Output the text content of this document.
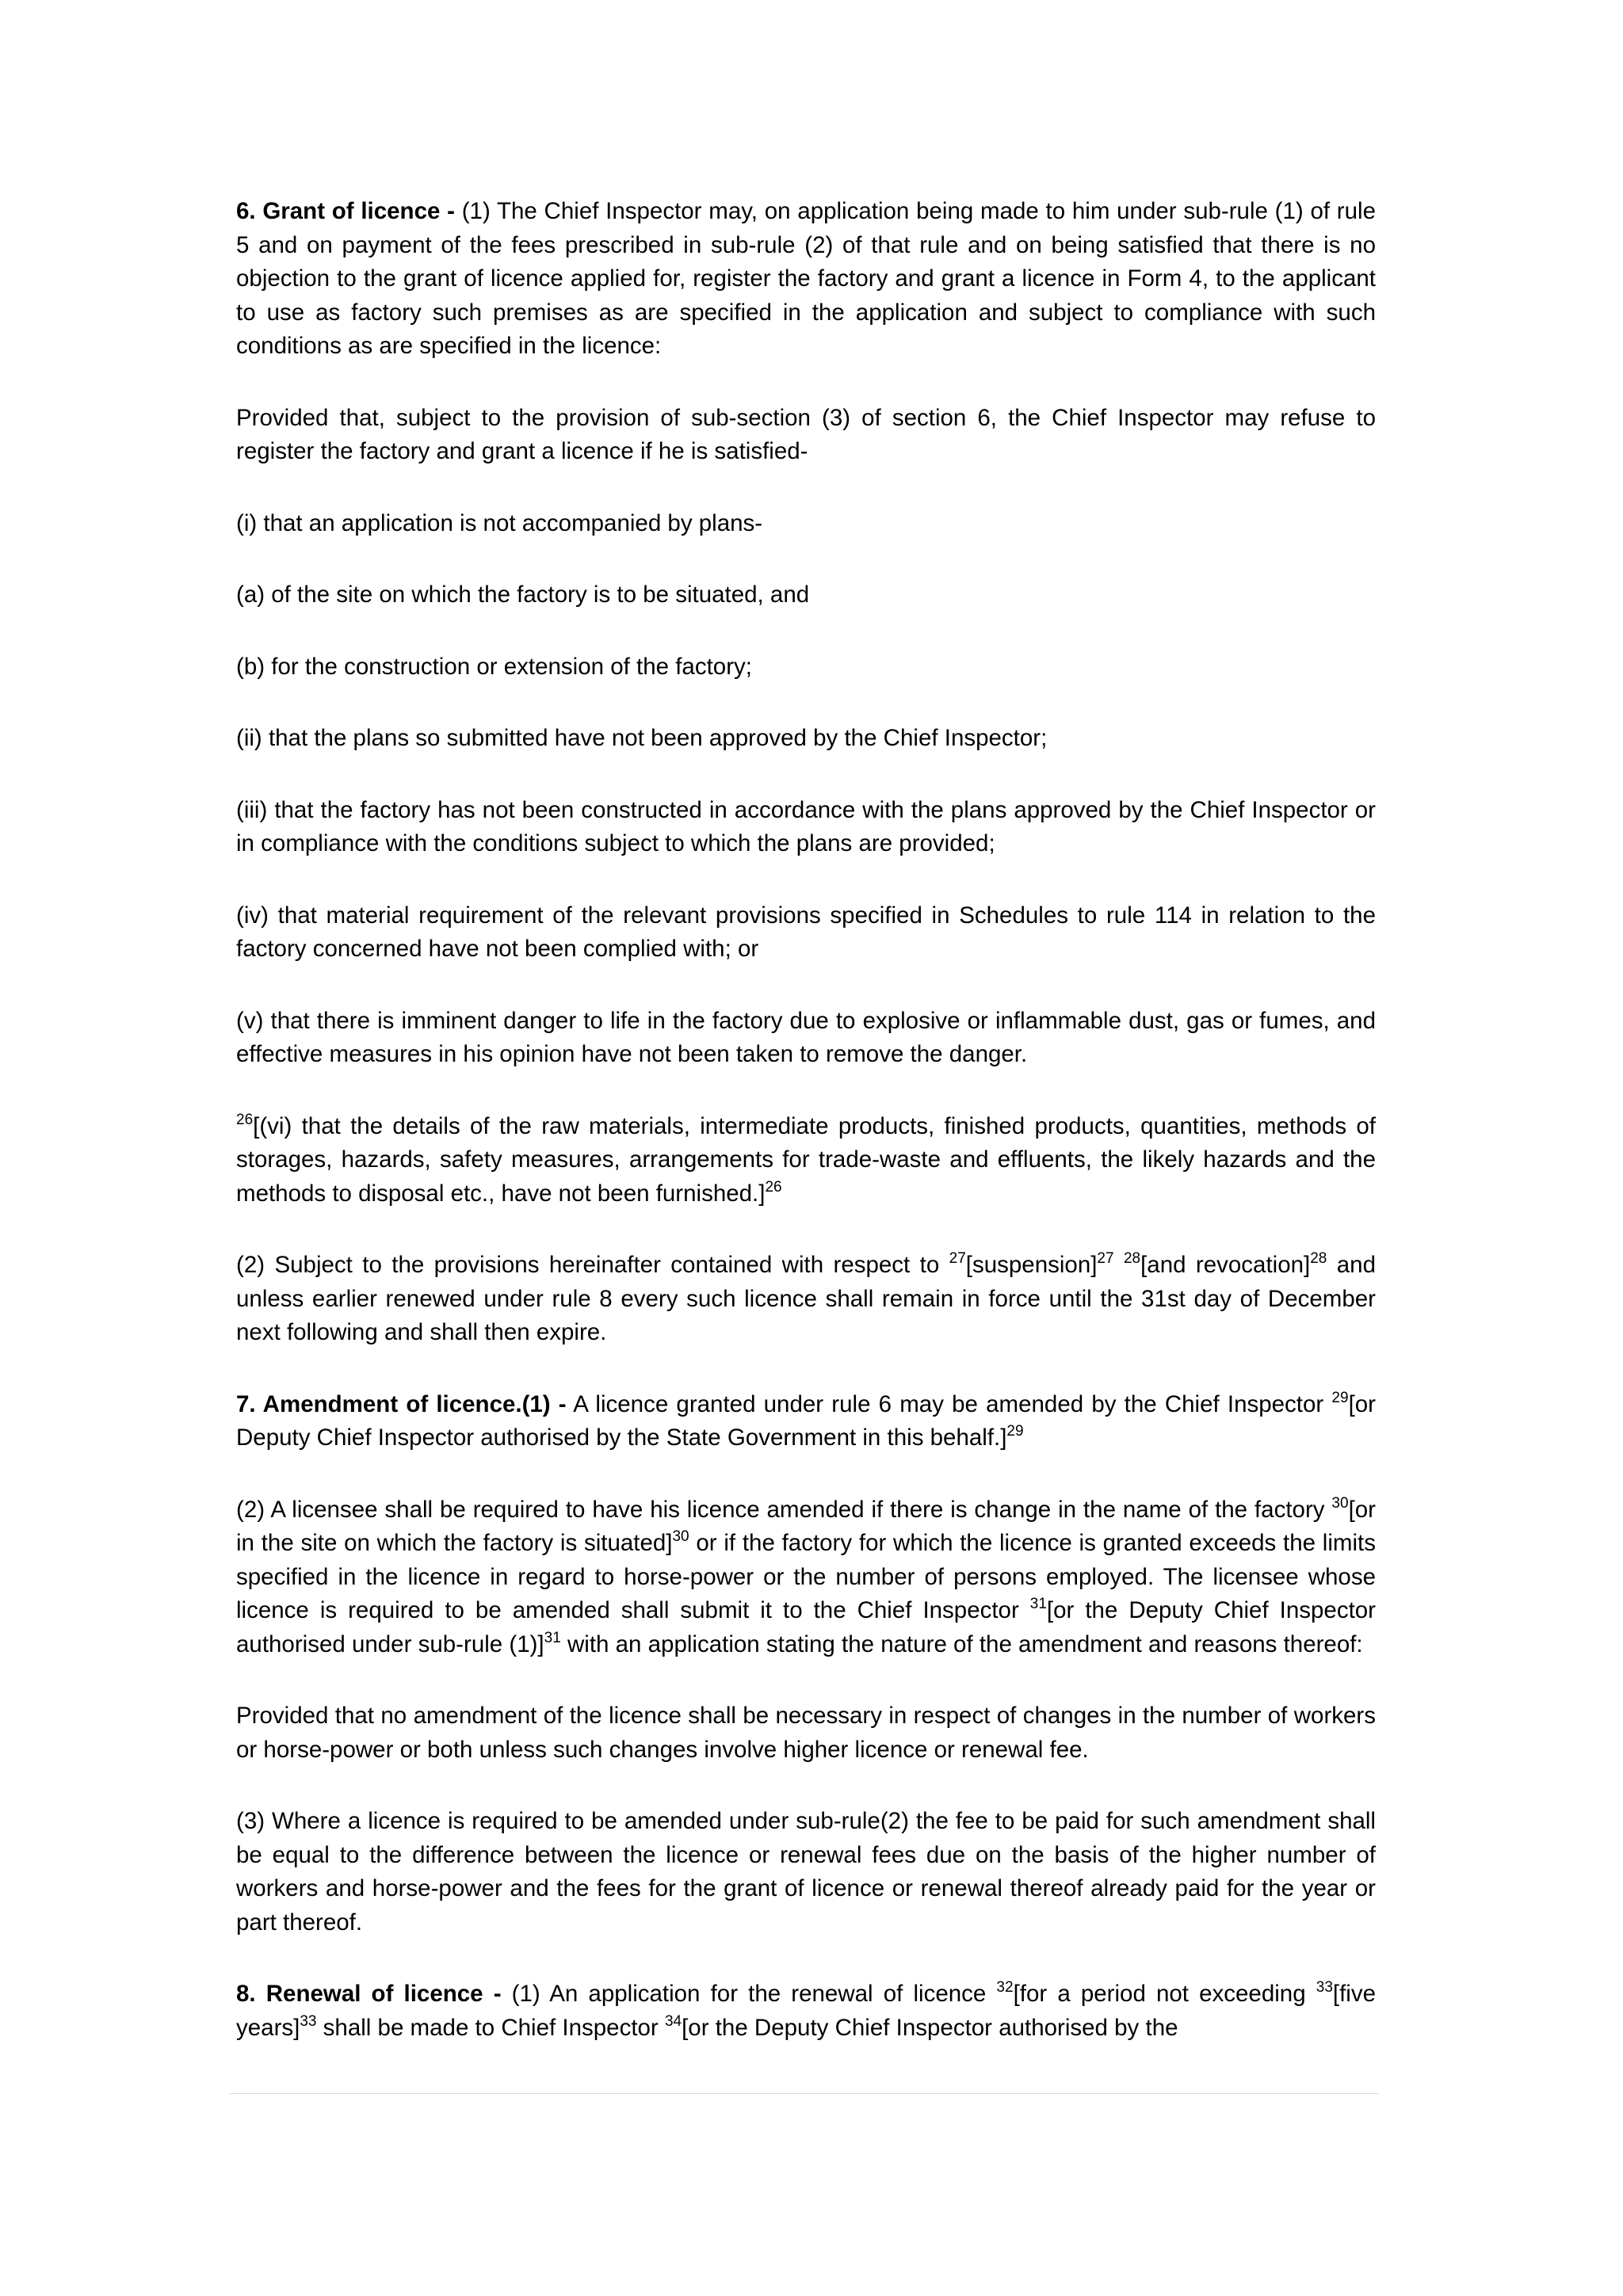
6. Grant of licence - (1) The Chief Inspector may, on application being made to him under sub-rule (1) of rule 5 and on payment of the fees prescribed in sub-rule (2) of that rule and on being satisfied that there is no objection to the grant of licence applied for, register the factory and grant a licence in Form 4, to the applicant to use as factory such premises as are specified in the application and subject to compliance with such conditions as are specified in the licence:

Provided that, subject to the provision of sub-section (3) of section 6, the Chief Inspector may refuse to register the factory and grant a licence if he is satisfied-

(i) that an application is not accompanied by plans-

(a) of the site on which the factory is to be situated, and

(b) for the construction or extension of the factory;

(ii) that the plans so submitted have not been approved by the Chief Inspector;

(iii) that the factory has not been constructed in accordance with the plans approved by the Chief Inspector or in compliance with the conditions subject to which the plans are provided;

(iv) that material requirement of the relevant provisions specified in Schedules to rule 114 in relation to the factory concerned have not been complied with; or

(v) that there is imminent danger to life in the factory due to explosive or inflammable dust, gas or fumes, and effective measures in his opinion have not been taken to remove the danger.

$^{26}$[(vi) that the details of the raw materials, intermediate products, finished products, quantities, methods of storages, hazards, safety measures, arrangements for trade-waste and effluents, the likely hazards and the methods to disposal etc., have not been furnished.]$^{26}$

(2) Subject to the provisions hereinafter contained with respect to $^{27}$[suspension]$^{27}$ $^{28}$[and revocation]$^{28}$ and unless earlier renewed under rule 8 every such licence shall remain in force until the 31st day of December next following and shall then expire.

7. Amendment of licence.(1) - A licence granted under rule 6 may be amended by the Chief Inspector $^{29}$[or Deputy Chief Inspector authorised by the State Government in this behalf.]$^{29}$

(2) A licensee shall be required to have his licence amended if there is change in the name of the factory $^{30}$[or in the site on which the factory is situated]$^{30}$ or if the factory for which the licence is granted exceeds the limits specified in the licence in regard to horse-power or the number of persons employed. The licensee whose licence is required to be amended shall submit it to the Chief Inspector $^{31}$[or the Deputy Chief Inspector authorised under sub-rule (1)]$^{31}$ with an application stating the nature of the amendment and reasons thereof:

Provided that no amendment of the licence shall be necessary in respect of changes in the number of workers or horse-power or both unless such changes involve higher licence or renewal fee.

(3) Where a licence is required to be amended under sub-rule(2) the fee to be paid for such amendment shall be equal to the difference between the licence or renewal fees due on the basis of the higher number of workers and horse-power and the fees for the grant of licence or renewal thereof already paid for the year or part thereof.

8. Renewal of licence - (1) An application for the renewal of licence $^{32}$[for a period not exceeding $^{33}$[five years]$^{33}$ shall be made to Chief Inspector $^{34}$[or the Deputy Chief Inspector authorised by the
